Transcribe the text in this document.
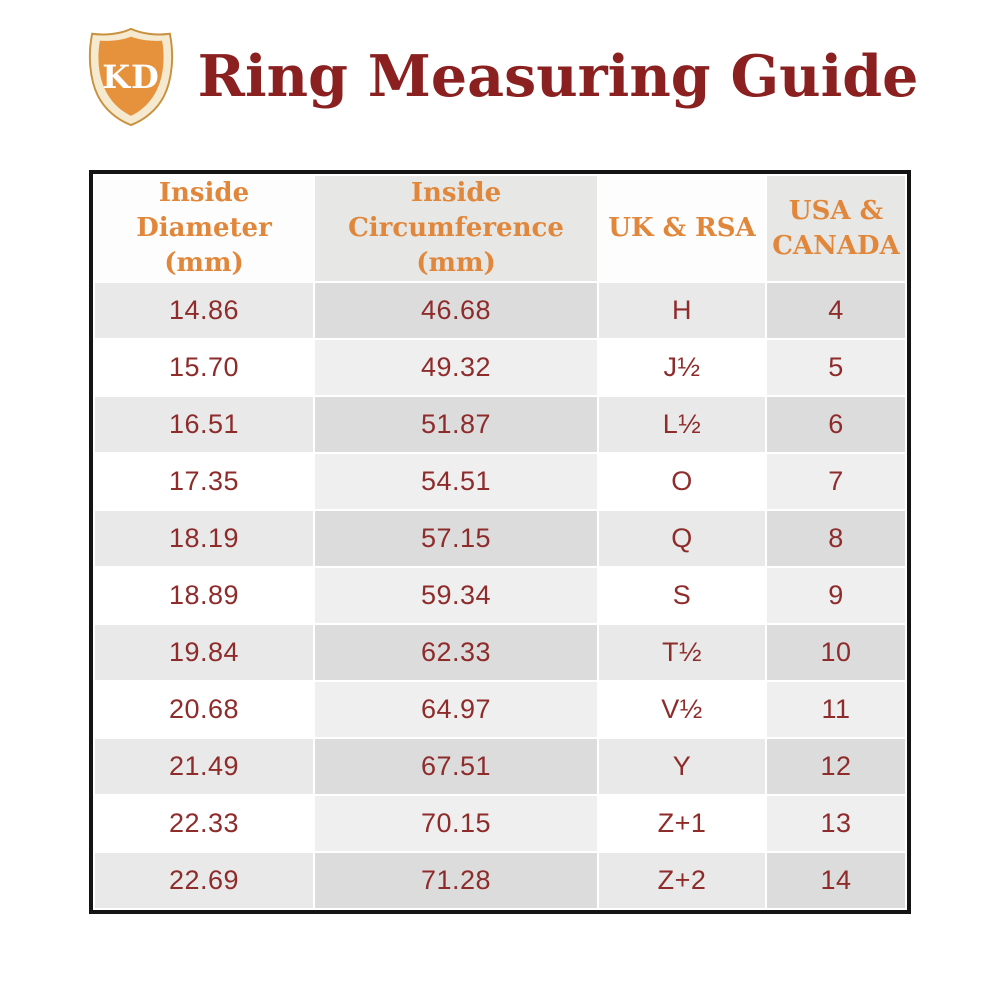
KD Ring Measuring Guide
Inside
Diameter (mm)	Inside
Circumference (mm)	UK & RSA	USA &
CANADA

14.86	46.68	H	4
15.70	49.32	J½	5
16.51	51.87	L½	6
17.35	54.51	O	7
18.19	57.15	Q	8
18.89	59.34	S	9
19.84	62.33	T½	10
20.68	64.97	V½	11
21.49	67.51	Y	12
22.33	70.15	Z+1	13
22.69	71.28	Z+2	14
